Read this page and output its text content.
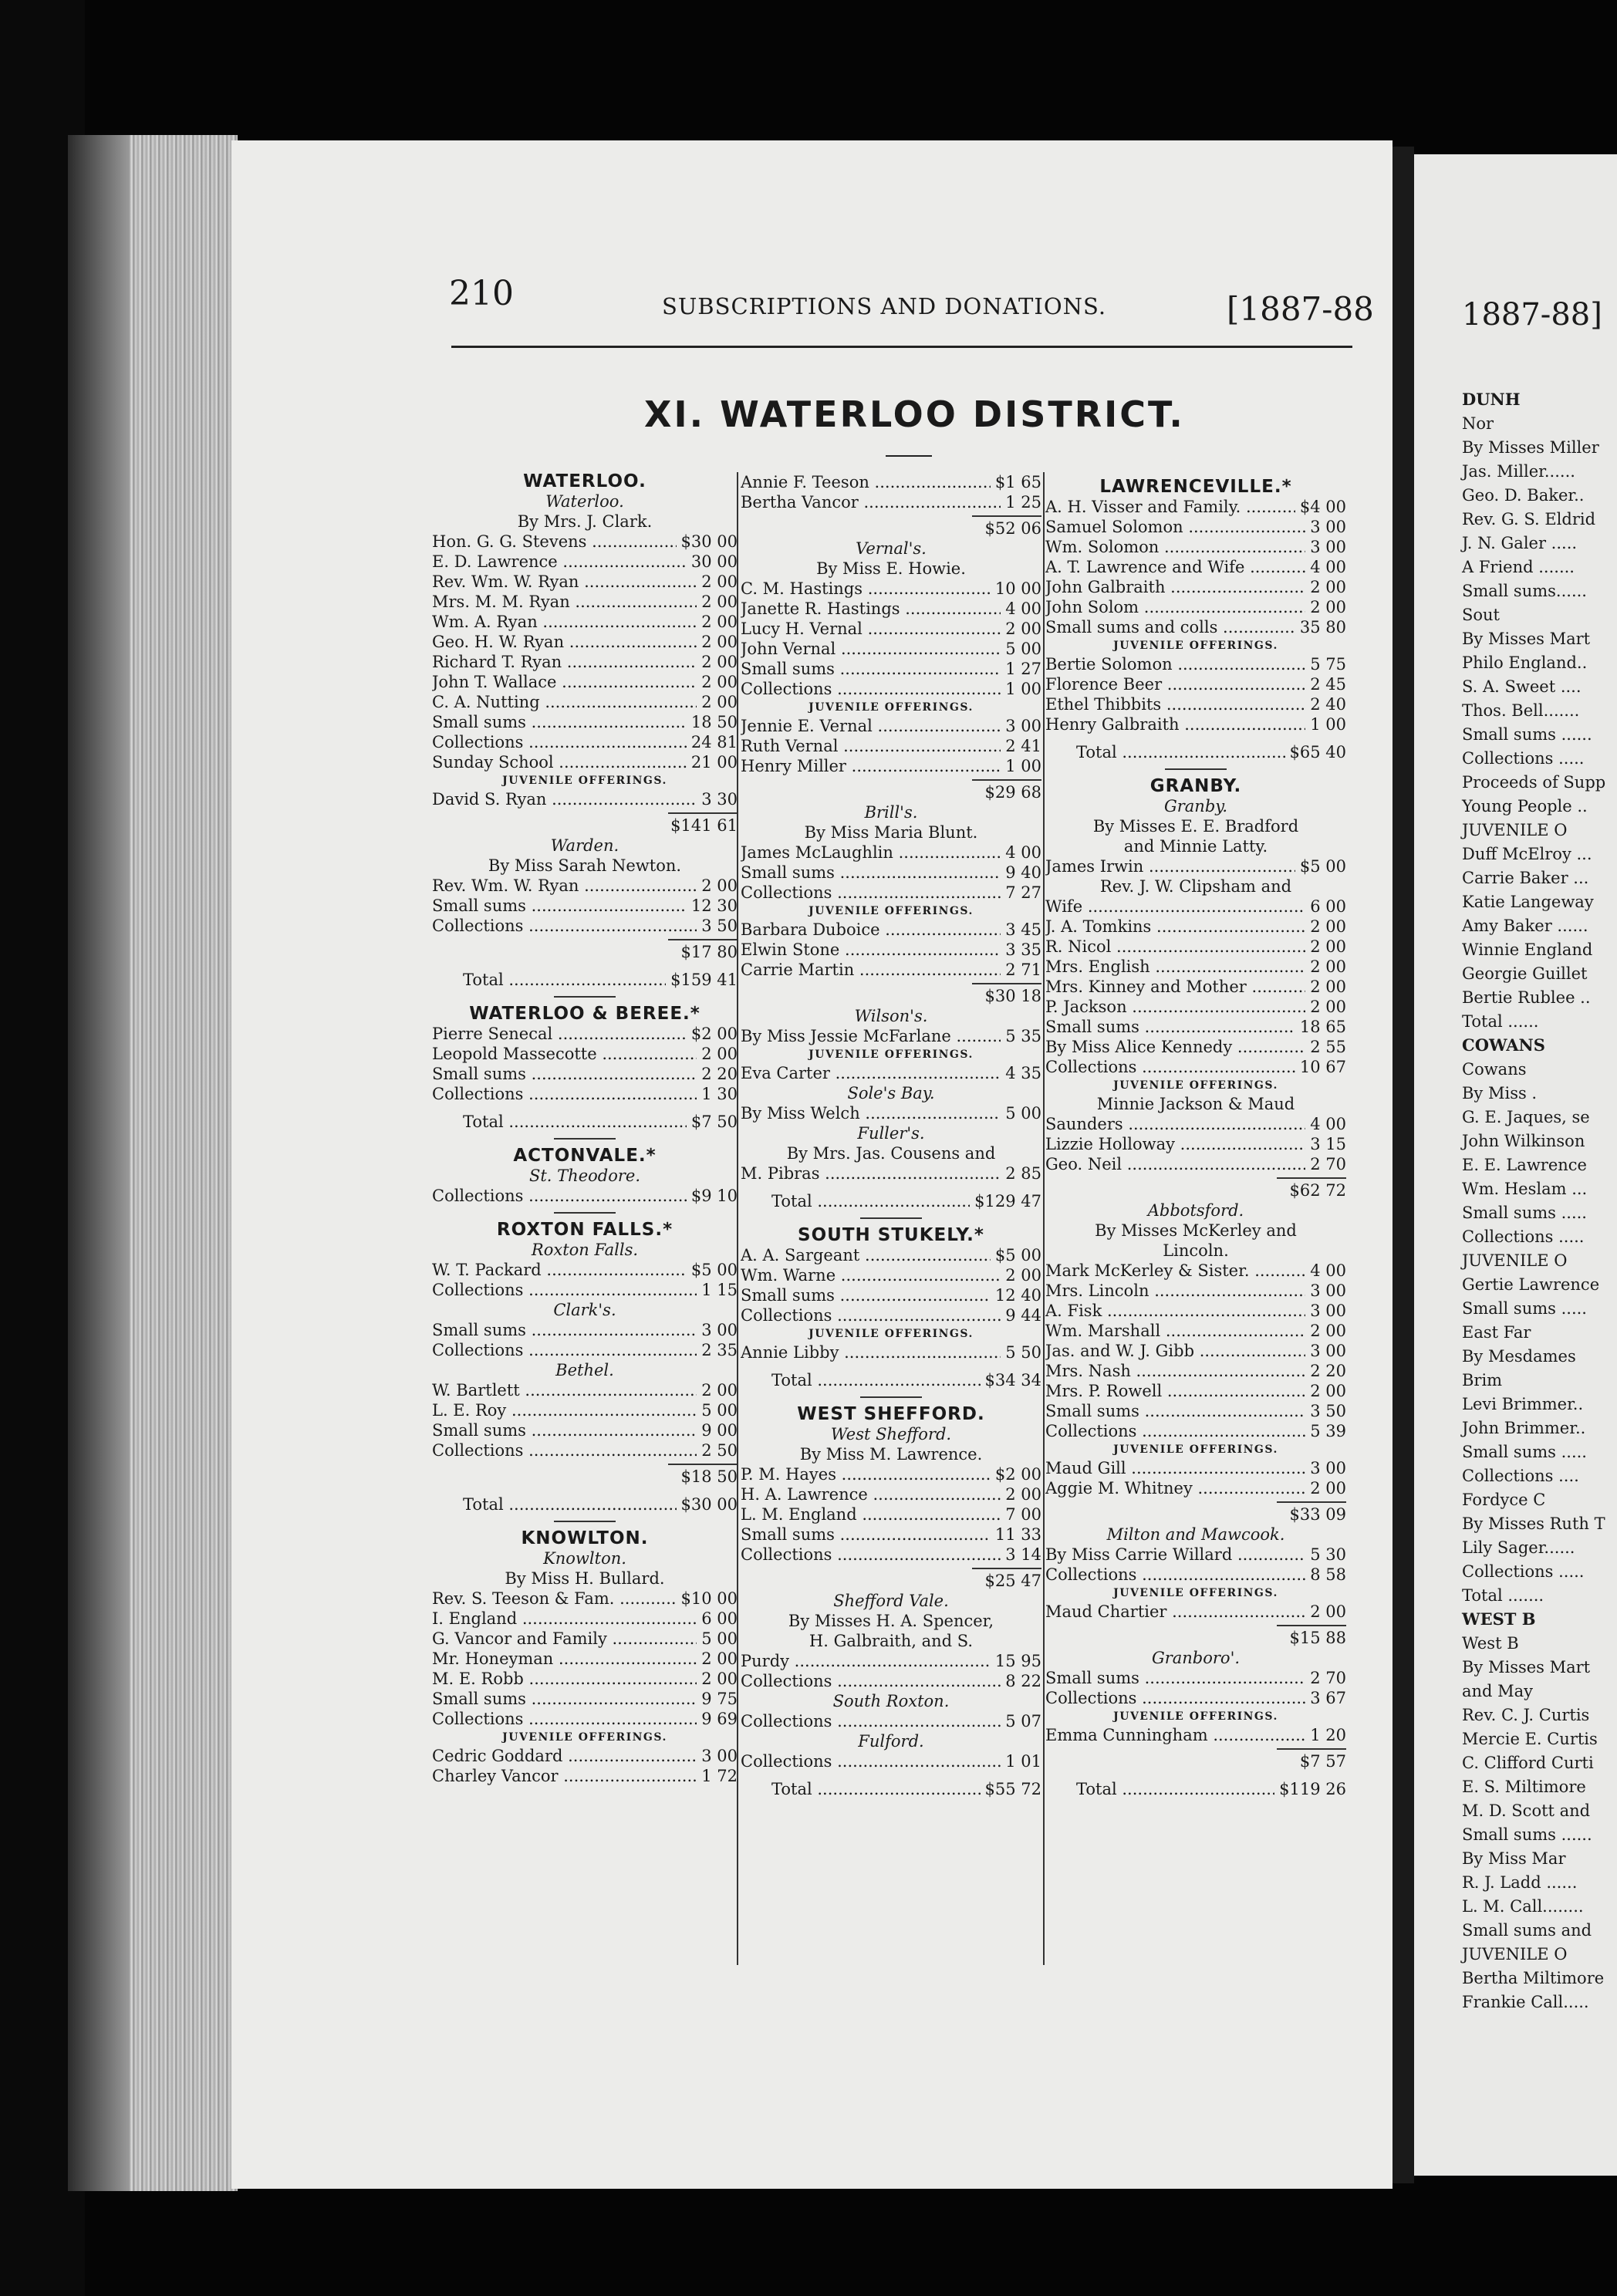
210	SUBSCRIPTIONS AND DONATIONS.	[1887-88
XI. WATERLOO DISTRICT.
WATERLOO.
Waterloo.
By Mrs. J. Clark.
Hon. G. G. Stevens .....	$30 00
E. D. Lawrence .....	30 00
Rev. Wm. W. Ryan .....	2 00
Mrs. M. M. Ryan .....	2 00
Wm. A. Ryan .....	2 00
Geo. H. W. Ryan .....	2 00
Richard T. Ryan .....	2 00
John T. Wallace .....	2 00
C. A. Nutting .....	2 00
Small sums .....	18 50
Collections .....	24 81
Sunday School .....	21 00
JUVENILE OFFERINGS.
David S. Ryan .....	3 30
$141 61
Warden.
By Miss Sarah Newton.
Rev. Wm. W. Ryan .....	2 00
Small sums .....	12 30
Collections .....	3 50
$17 80
Total .....	$159 41
WATERLOO & BEREE.*
Pierre Senecal .....	$2 00
Leopold Massecotte .....	2 00
Small sums .....	2 20
Collections .....	1 30
Total .....	$7 50
ACTONVALE.*
St. Theodore.
Collections .....	$9 10
ROXTON FALLS.*
Roxton Falls.
W. T. Packard .....	$5 00
Collections .....	1 15
Clark's.
Small sums .....	3 00
Collections .....	2 35
Bethel.
W. Bartlett .....	2 00
L. E. Roy .....	5 00
Small sums .....	9 00
Collections .....	2 50
$18 50
Total .....	$30 00
KNOWLTON.
Knowlton.
By Miss H. Bullard.
Rev. S. Teeson & Fam. .....	$10 00
I. England .....	6 00
G. Vancor and Family .....	5 00
Mr. Honeyman .....	2 00
M. E. Robb .....	2 00
Small sums .....	9 75
Collections .....	9 69
JUVENILE OFFERINGS.
Cedric Goddard .....	3 00
Charley Vancor .....	1 72
Annie F. Teeson .....	$1 65
Bertha Vancor .....	1 25
$52 06
Vernal's.
By Miss E. Howie.
C. M. Hastings .....	10 00
Janette R. Hastings .....	4 00
Lucy H. Vernal .....	2 00
John Vernal .....	5 00
Small sums .....	1 27
Collections .....	1 00
JUVENILE OFFERINGS.
Jennie E. Vernal .....	3 00
Ruth Vernal .....	2 41
Henry Miller .....	1 00
$29 68
Brill's.
By Miss Maria Blunt.
James McLaughlin .....	4 00
Small sums .....	9 40
Collections .....	7 27
JUVENILE OFFERINGS.
Barbara Duboice .....	3 45
Elwin Stone .....	3 35
Carrie Martin .....	2 71
$30 18
Wilson's.
By Miss Jessie McFarlane .....	5 35
JUVENILE OFFERINGS.
Eva Carter .....	4 35
Sole's Bay.
By Miss Welch .....	5 00
Fuller's.
By Mrs. Jas. Cousens and
M. Pibras .....	2 85
Total .....	$129 47
SOUTH STUKELY.*
A. A. Sargeant .....	$5 00
Wm. Warne .....	2 00
Small sums .....	12 40
Collections .....	9 44
JUVENILE OFFERINGS.
Annie Libby .....	5 50
Total .....	$34 34
WEST SHEFFORD.
West Shefford.
By Miss M. Lawrence.
P. M. Hayes .....	$2 00
H. A. Lawrence .....	2 00
L. M. England .....	7 00
Small sums .....	11 33
Collections .....	3 14
$25 47
Shefford Vale.
By Misses H. A. Spencer,
H. Galbraith, and S.
Purdy .....	15 95
Collections .....	8 22
South Roxton.
Collections .....	5 07
Fulford.
Collections .....	1 01
Total .....	$55 72
LAWRENCEVILLE.*
A. H. Visser and Family. .....	$4 00
Samuel Solomon .....	3 00
Wm. Solomon .....	3 00
A. T. Lawrence and Wife .....	4 00
John Galbraith .....	2 00
John Solom .....	2 00
Small sums and colls .....	35 80
JUVENILE OFFERINGS.
Bertie Solomon .....	5 75
Florence Beer .....	2 45
Ethel Thibbits .....	2 40
Henry Galbraith .....	1 00
Total .....	$65 40
GRANBY.
Granby.
By Misses E. E. Bradford
and Minnie Latty.
James Irwin .....	$5 00
Rev. J. W. Clipsham and
Wife .....	6 00
J. A. Tomkins .....	2 00
R. Nicol .....	2 00
Mrs. English .....	2 00
Mrs. Kinney and Mother .....	2 00
P. Jackson .....	2 00
Small sums .....	18 65
By Miss Alice Kennedy .....	2 55
Collections .....	10 67
JUVENILE OFFERINGS.
Minnie Jackson & Maud
Saunders .....	4 00
Lizzie Holloway .....	3 15
Geo. Neil .....	2 70
$62 72
Abbotsford.
By Misses McKerley and
Lincoln.
Mark McKerley & Sister. .....	4 00
Mrs. Lincoln .....	3 00
A. Fisk .....	3 00
Wm. Marshall .....	2 00
Jas. and W. J. Gibb .....	3 00
Mrs. Nash .....	2 20
Mrs. P. Rowell .....	2 00
Small sums .....	3 50
Collections .....	5 39
JUVENILE OFFERINGS.
Maud Gill .....	3 00
Aggie M. Whitney .....	2 00
$33 09
Milton and Mawcook.
By Miss Carrie Willard .....	5 30
Collections .....	8 58
JUVENILE OFFERINGS.
Maud Chartier .....	2 00
$15 88
Granboro'.
Small sums .....	2 70
Collections .....	3 67
JUVENILE OFFERINGS.
Emma Cunningham .....	1 20
$7 57
Total .....	$119 26
1887-88]
DUNH
Nor
By Misses Miller
Jas. Miller......
Geo. D. Baker..
Rev. G. S. Eldrid
J. N. Galer .....
A Friend .......
Small sums......
Sout
By Misses Mart
Philo England..
S. A. Sweet ....
Thos. Bell.......
Small sums ......
Collections .....
Proceeds of Supp
Young People ..
JUVENILE O
Duff McElroy ...
Carrie Baker ...
Katie Langeway
Amy Baker ......
Winnie England
Georgie Guillet
Bertie Rublee ..
Total ......
COWANS
Cowans
By Miss .
G. E. Jaques, se
John Wilkinson
E. E. Lawrence
Wm. Heslam ...
Small sums .....
Collections .....
JUVENILE O
Gertie Lawrence
Small sums .....
East Far
By Mesdames
Brim
Levi Brimmer..
John Brimmer..
Small sums .....
Collections ....
Fordyce C
By Misses Ruth T
Lily Sager......
Collections .....
Total .......
WEST B
West B
By Misses Mart
and May
Rev. C. J. Curtis
Mercie E. Curtis
C. Clifford Curti
E. S. Miltimore
M. D. Scott and
Small sums ......
By Miss Mar
R. J. Ladd ......
L. M. Call........
Small sums and
JUVENILE O
Bertha Miltimore
Frankie Call.....
